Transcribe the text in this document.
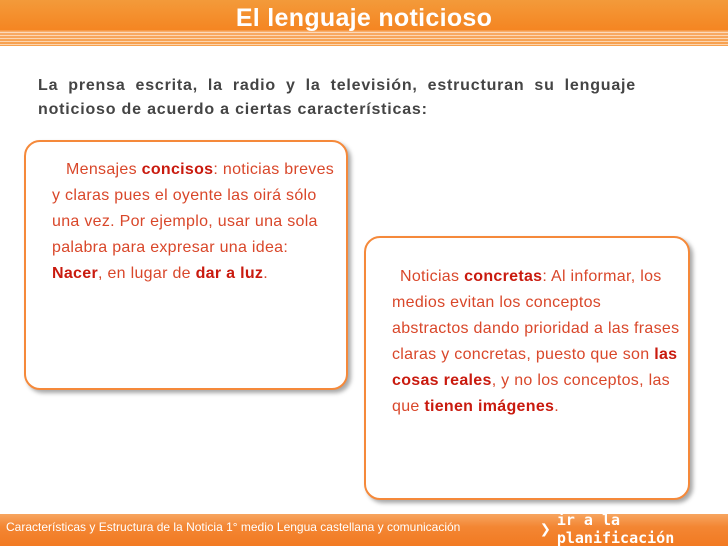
El lenguaje noticioso
La prensa escrita, la radio y la televisión, estructuran su lenguaje noticioso de acuerdo a ciertas características:
Mensajes concisos: noticias breves y claras pues el oyente las oirá sólo una vez. Por ejemplo, usar una sola palabra para expresar una idea: Nacer, en lugar de dar a luz.	Noticias concretas: Al informar, los medios evitan los conceptos abstractos dando prioridad a las frases claras y concretas, puesto que son las cosas reales, y no los conceptos, las que tienen imágenes.
Características y Estructura de la Noticia 1° medio Lengua castellana y comunicación	❯ ir a la planificación
